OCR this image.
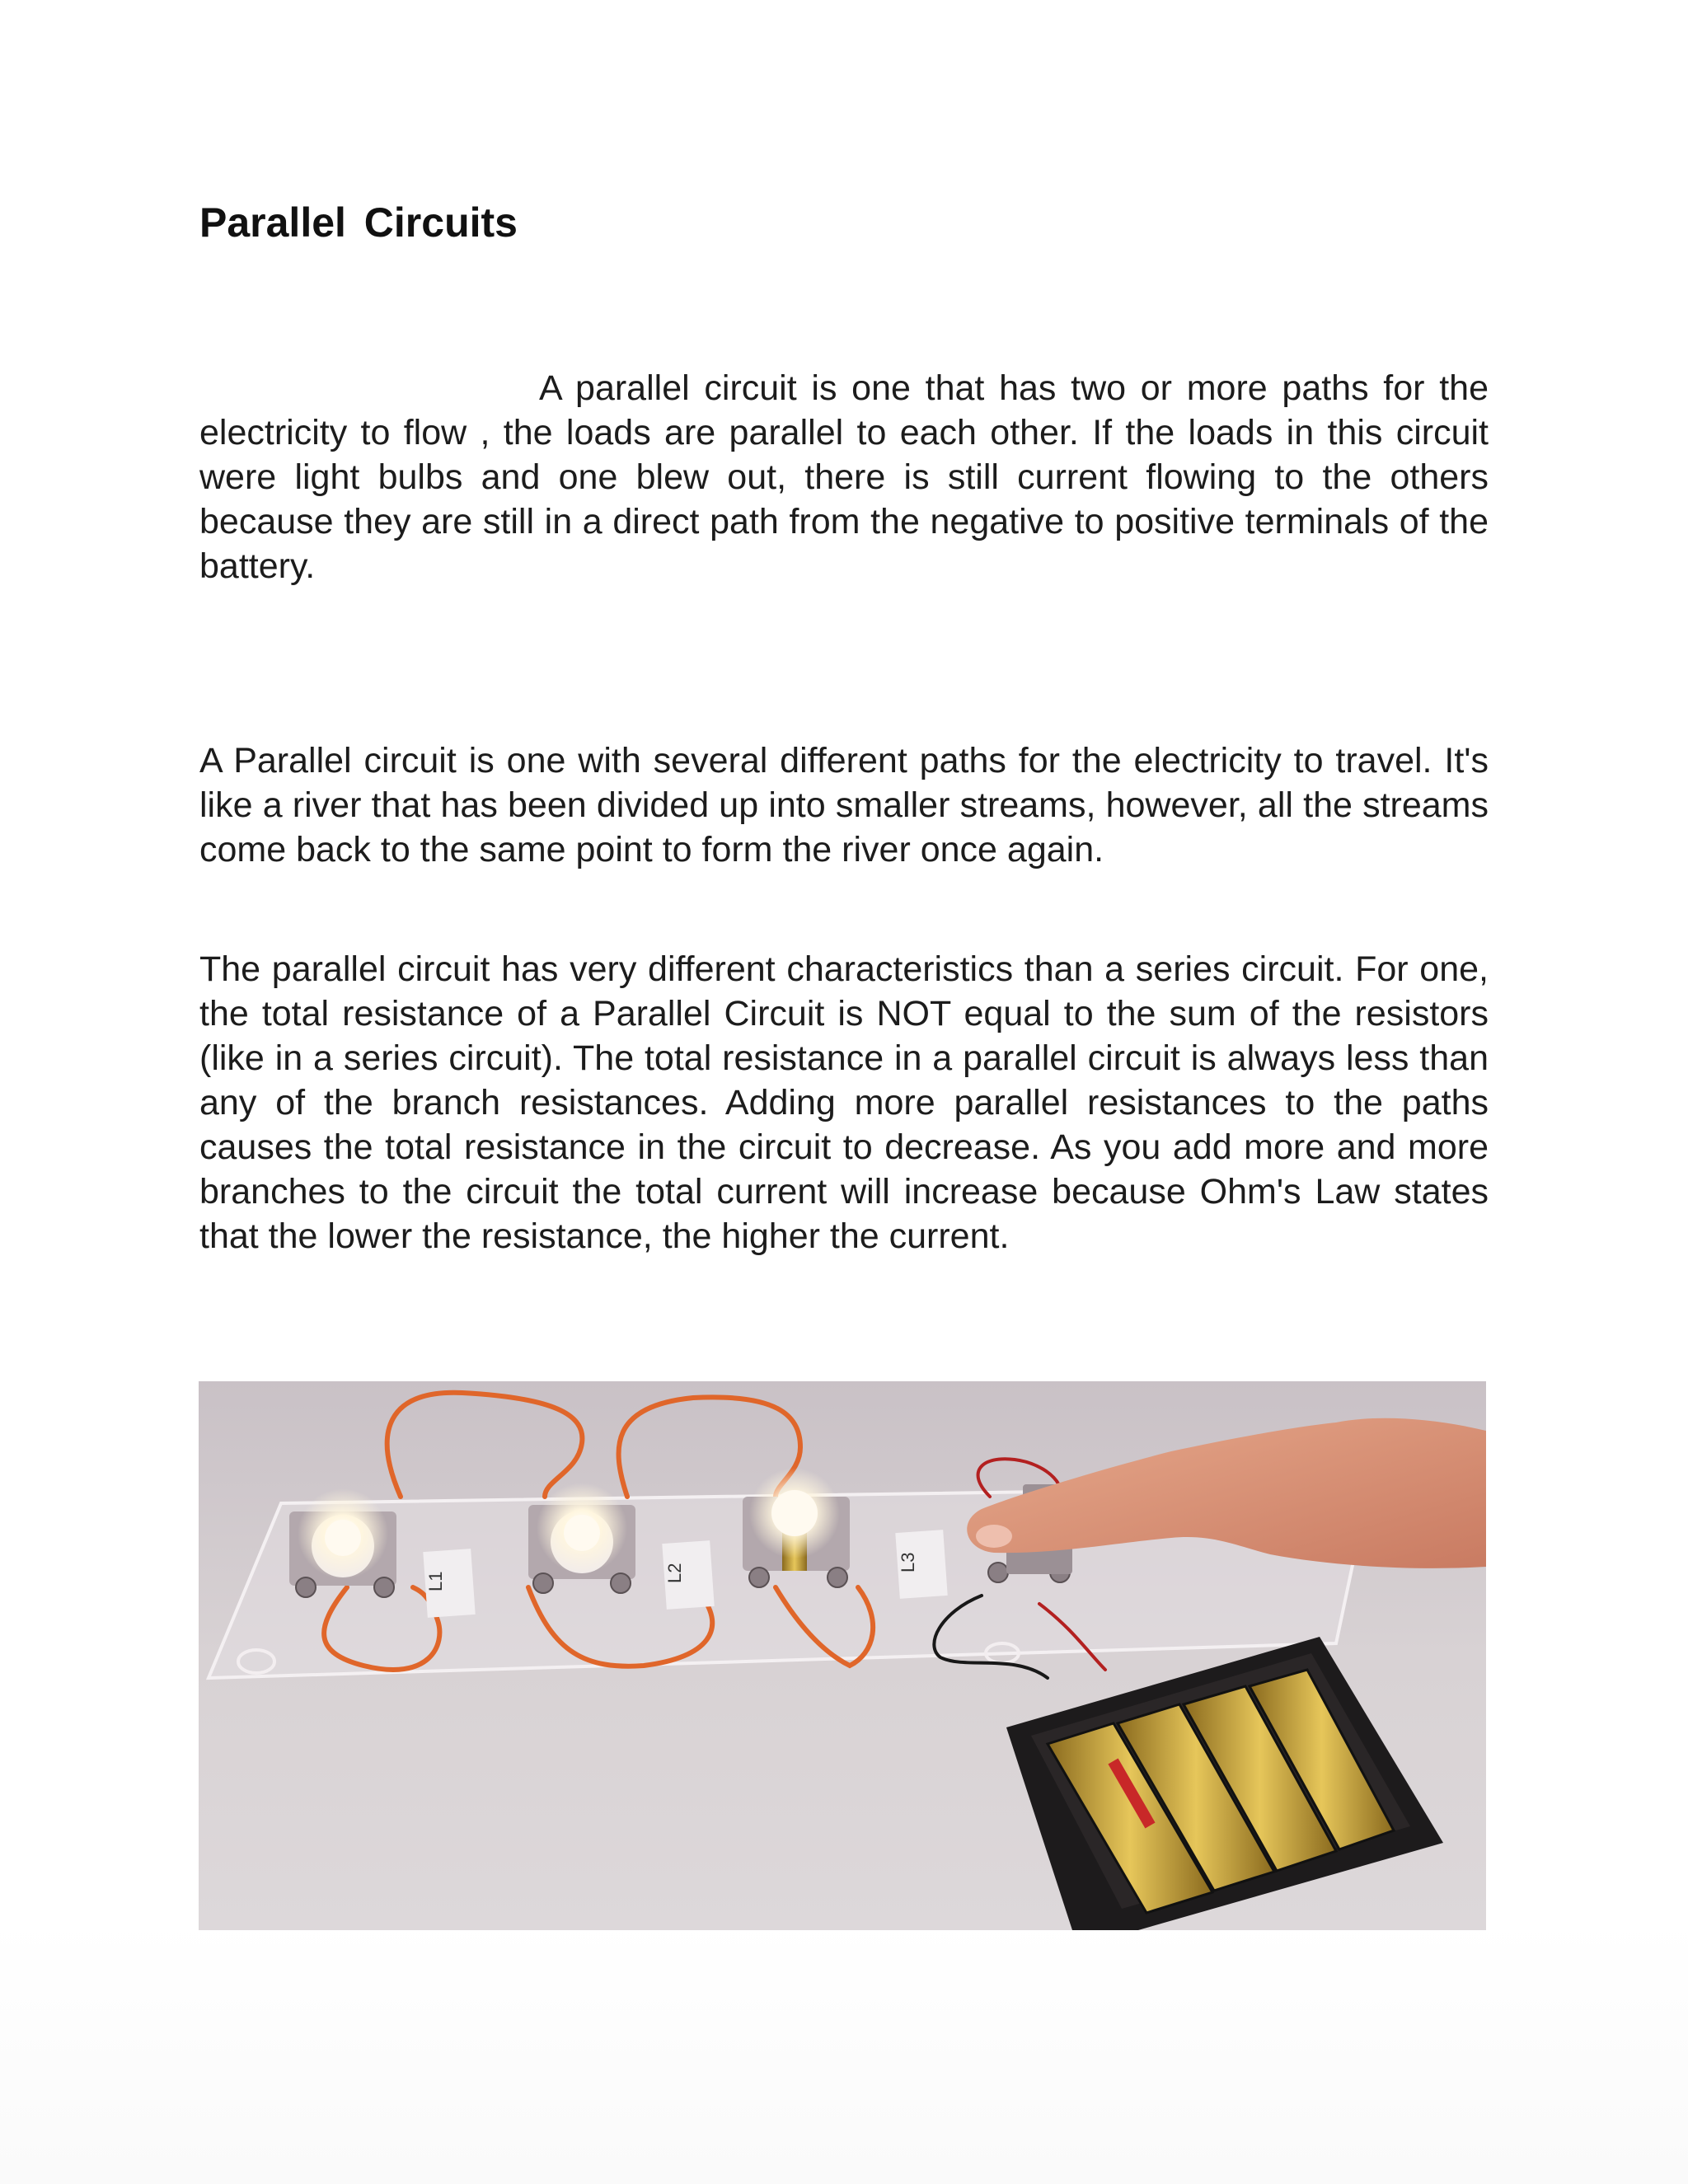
Parallel Circuits

A parallel circuit is one that has two or more paths for the electricity to flow , the loads are parallel to each other. If the loads in this circuit were light bulbs and one blew out, there is still current flowing to the others because they are still in a direct path from the negative to positive terminals of the battery.

A Parallel circuit is one with several different paths for the electricity to travel. It's like a river that has been divided up into smaller streams, however, all the streams come back to the same point to form the river once again.

The parallel circuit has very different characteristics than a series circuit. For one, the total resistance of a Parallel Circuit is NOT equal to the sum of the resistors (like in a series circuit). The total resistance in a parallel circuit is always less than any of the branch resistances. Adding more parallel resistances to the paths causes the total resistance in the circuit to decrease. As you add more and more branches to the circuit the total current will increase because Ohm's Law states that the lower the resistance, the higher the current.

L1	L2
L3
